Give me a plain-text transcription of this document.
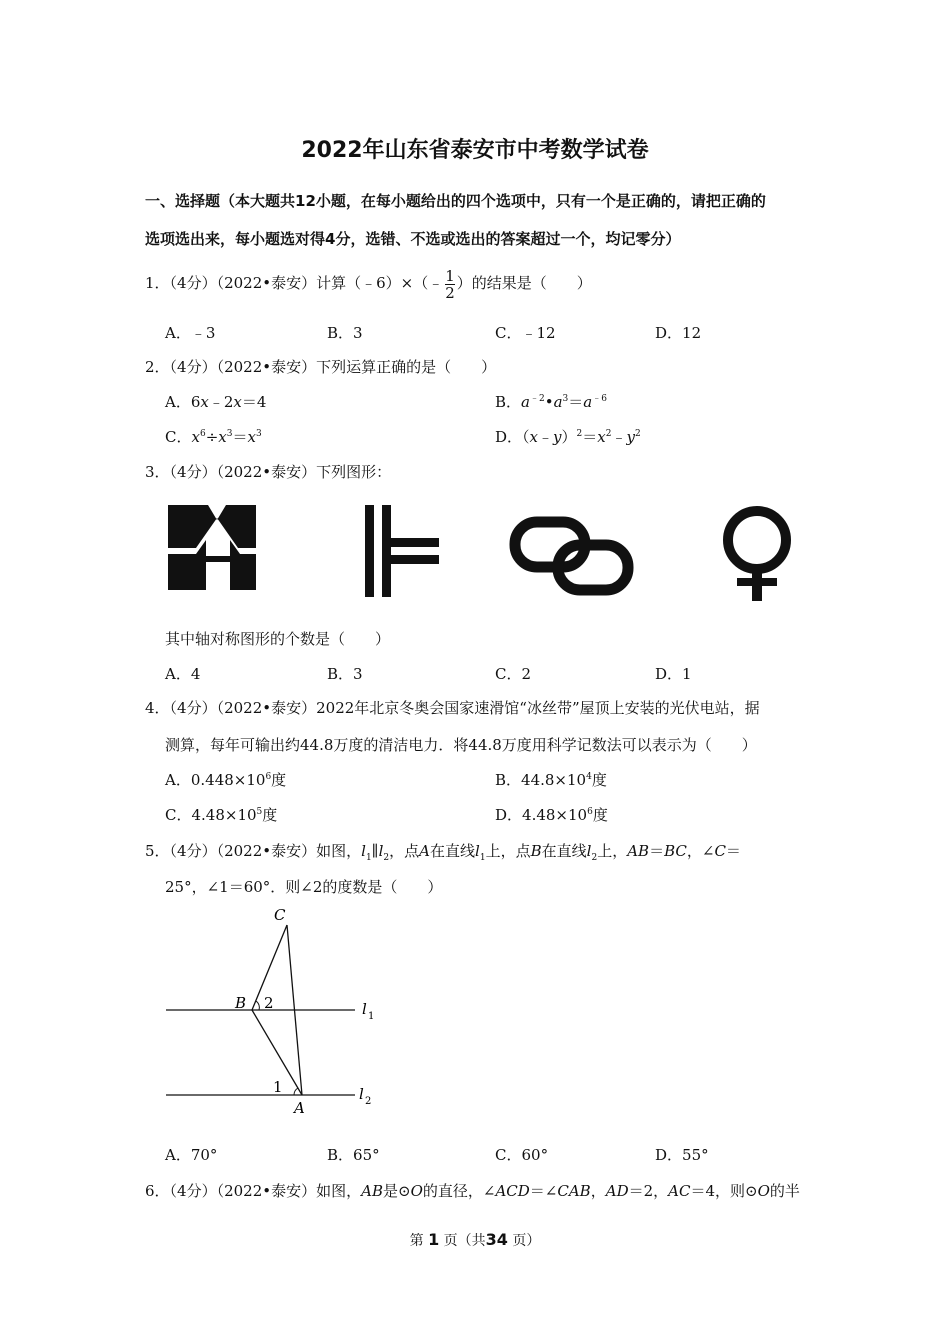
2022年山东省泰安市中考数学试卷
一、选择题（本大题共12小题，在每小题给出的四个选项中，只有一个是正确的，请把正确的
选项选出来，每小题选对得4分，选错、不选或选出的答案超过一个，均记零分）
1．（4分）（2022•泰安）计算（﹣6）×（﹣ $\frac{1}{2}$ ）的结果是（　　）
A．﹣3	B．3	C．﹣12	D．12
2．（4分）（2022•泰安）下列运算正确的是（　　）
A．6x﹣2x＝4	B．$a^{﹣2}•a^3=a^{﹣6}$
C．$x^6\div x^3=x^3$	D．$(x﹣y)^2=x^2﹣y^2$
3．（4分）（2022•泰安）下列图形：
其中轴对称图形的个数是（　　）
A．4	B．3	C．2	D．1
4．（4分）（2022•泰安）2022年北京冬奥会国家速滑馆“冰丝带”屋顶上安装的光伏电站，据
测算，每年可输出约44.8万度的清洁电力．将44.8万度用科学记数法可以表示为（　　）
A．$0.448\times 10^6$度	B．$44.8\times 10^4$度
C．$4.48\times 10^5$度	D．$4.48\times 10^6$度
5．（4分）（2022•泰安）如图，$l_1\parallel l_2$，点A在直线$l_1$上，点B在直线$l_2$上，AB＝BC，∠C＝
25°，∠1＝60°．则∠2的度数是（　　）
C
B 2
1
A
l 1
l 2
A．70°	B．65°	C．60°	D．55°
6．（4分）（2022•泰安）如图，AB是⊙O的直径，∠ACD＝∠CAB，AD＝2，AC＝4，则⊙O的半
第 1 页（共34 页）
